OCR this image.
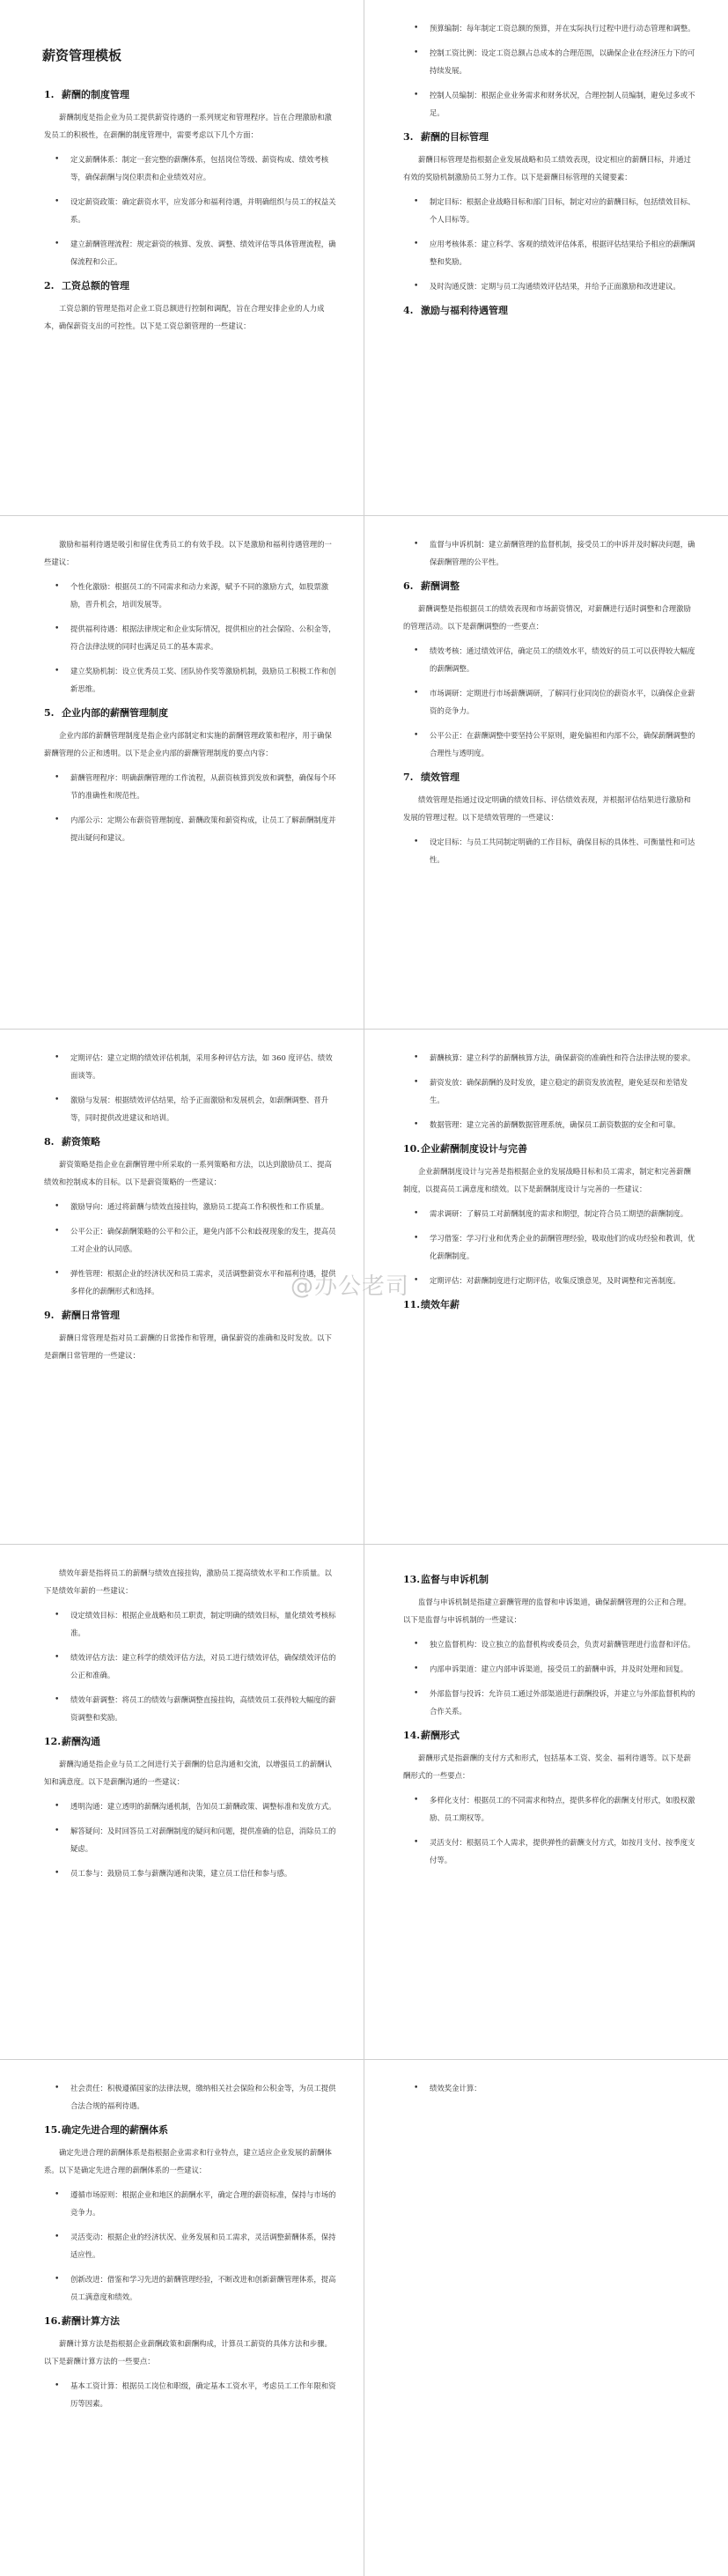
薪资管理模板
1. 薪酬的制度管理

薪酬制度是指企业为员工提供薪资待遇的一系列规定和管理程序。旨在合理激励和激发员工的积极性，在薪酬的制度管理中，需要考虑以下几个方面：

• 定义薪酬体系：制定一套完整的薪酬体系，包括岗位等级、薪资构成、绩效考核等，确保薪酬与岗位职责和企业绩效对应。
• 设定薪资政策：确定薪资水平，应发部分和福利待遇，并明确组织与员工的权益关系。
• 建立薪酬管理流程：规定薪资的核算、发放、调整、绩效评估等具体管理流程，确保流程和公正。
2. 工资总额的管理

工资总额的管理是指对企业工资总额进行控制和调配，旨在合理安排企业的人力成本，确保薪资支出的可控性。以下是工资总额管理的一些建议：

• 预算编制：每年制定工资总额的预算，并在实际执行过程中进行动态管理和调整。
• 控制工资比例：设定工资总额占总成本的合理范围，以确保企业在经济压力下的可持续发展。
• 控制人员编制：根据企业业务需求和财务状况，合理控制人员编制，避免过多或不足。
3. 薪酬的目标管理

薪酬目标管理是指根据企业发展战略和员工绩效表现，设定相应的薪酬目标，并通过有效的奖励机制激励员工努力工作。以下是薪酬目标管理的关键要素：

• 制定目标：根据企业战略目标和部门目标，制定对应的薪酬目标，包括绩效目标、个人目标等。
• 应用考核体系：建立科学、客观的绩效评估体系，根据评估结果给予相应的薪酬调整和奖励。
• 及时沟通反馈：定期与员工沟通绩效评估结果，并给予正面激励和改进建议。
4. 激励与福利待遇管理

激励和福利待遇是吸引和留住优秀员工的有效手段。以下是激励和福利待遇管理的一些建议：

• 个性化激励：根据员工的不同需求和动力来源，赋予不同的激励方式，如股票激励，晋升机会，培训发展等。
• 提供福利待遇：根据法律规定和企业实际情况，提供相应的社会保险、公积金等，符合法律法规的同时也满足员工的基本需求。
• 建立奖励机制：设立优秀员工奖、团队协作奖等激励机制，鼓励员工积极工作和创新思维。
5. 企业内部的薪酬管理制度

企业内部的薪酬管理制度是指企业内部制定和实施的薪酬管理政策和程序，用于确保薪酬管理的公正和透明。以下是企业内部的薪酬管理制度的要点内容：

• 薪酬管理程序：明确薪酬管理的工作流程，从薪资核算到发放和调整，确保每个环节的准确性和规范性。
• 内部公示：定期公布薪资管理制度、薪酬政策和薪资构成，让员工了解薪酬制度并提出疑问和建议。
• 监督与申诉机制：建立薪酬管理的监督机制，接受员工的申诉并及时解决问题，确保薪酬管理的公平性。
6. 薪酬调整

薪酬调整是指根据员工的绩效表现和市场薪资情况，对薪酬进行适时调整和合理激励的管理活动。以下是薪酬调整的一些要点：

• 绩效考核：通过绩效评估，确定员工的绩效水平，绩效好的员工可以获得较大幅度的薪酬调整。
• 市场调研：定期进行市场薪酬调研，了解同行业同岗位的薪资水平，以确保企业薪资的竞争力。
• 公平公正：在薪酬调整中要坚持公平原则，避免偏袒和内部不公，确保薪酬调整的合理性与透明度。
7. 绩效管理

绩效管理是指通过设定明确的绩效目标、评估绩效表现，并根据评估结果进行激励和发展的管理过程。以下是绩效管理的一些建议：

• 设定目标：与员工共同制定明确的工作目标，确保目标的具体性、可衡量性和可达性。
• 定期评估：建立定期的绩效评估机制，采用多种评估方法，如 360 度评估、绩效面谈等。
• 激励与发展：根据绩效评估结果，给予正面激励和发展机会，如薪酬调整、晋升等，同时提供改进建议和培训。
8. 薪资策略

薪资策略是指企业在薪酬管理中所采取的一系列策略和方法，以达到激励员工、提高绩效和控制成本的目标。以下是薪资策略的一些建议：

• 激励导向：通过将薪酬与绩效直接挂钩，激励员工提高工作积极性和工作质量。
• 公平公正：确保薪酬策略的公平和公正，避免内部不公和歧视现象的发生，提高员工对企业的认同感。
• 弹性管理：根据企业的经济状况和员工需求，灵活调整薪资水平和福利待遇，提供多样化的薪酬形式和选择。
9. 薪酬日常管理

薪酬日常管理是指对员工薪酬的日常操作和管理，确保薪资的准确和及时发放。以下是薪酬日常管理的一些建议：

• 薪酬核算：建立科学的薪酬核算方法，确保薪资的准确性和符合法律法规的要求。
• 薪资发放：确保薪酬的及时发放，建立稳定的薪资发放流程，避免延误和差错发生。
• 数据管理：建立完善的薪酬数据管理系统，确保员工薪资数据的安全和可靠。
10.企业薪酬制度设计与完善

企业薪酬制度设计与完善是指根据企业的发展战略目标和员工需求，制定和完善薪酬制度，以提高员工满意度和绩效。以下是薪酬制度设计与完善的一些建议：

• 需求调研：了解员工对薪酬制度的需求和期望，制定符合员工期望的薪酬制度。
• 学习借鉴：学习行业和优秀企业的薪酬管理经验，吸取他们的成功经验和教训，优化薪酬制度。
• 定期评估：对薪酬制度进行定期评估，收集反馈意见，及时调整和完善制度。
11.绩效年薪

绩效年薪是指将员工的薪酬与绩效直接挂钩，激励员工提高绩效水平和工作质量。以下是绩效年薪的一些建议：

• 设定绩效目标：根据企业战略和员工职责，制定明确的绩效目标，量化绩效考核标准。
• 绩效评估方法：建立科学的绩效评估方法，对员工进行绩效评估，确保绩效评估的公正和准确。
• 绩效年薪调整：将员工的绩效与薪酬调整直接挂钩，高绩效员工获得较大幅度的薪资调整和奖励。
12.薪酬沟通

薪酬沟通是指企业与员工之间进行关于薪酬的信息沟通和交流，以增强员工的薪酬认知和满意度。以下是薪酬沟通的一些建议：

• 透明沟通：建立透明的薪酬沟通机制，告知员工薪酬政策、调整标准和发放方式。
• 解答疑问：及时回答员工对薪酬制度的疑问和问题，提供准确的信息，消除员工的疑虑。
• 员工参与：鼓励员工参与薪酬沟通和决策，建立员工信任和参与感。
13.监督与申诉机制

监督与申诉机制是指建立薪酬管理的监督和申诉渠道，确保薪酬管理的公正和合理。以下是监督与申诉机制的一些建议：

• 独立监督机构：设立独立的监督机构或委员会，负责对薪酬管理进行监督和评估。
• 内部申诉渠道：建立内部申诉渠道，接受员工的薪酬申诉，并及时处理和回复。
• 外部监督与投诉：允许员工通过外部渠道进行薪酬投诉，并建立与外部监督机构的合作关系。
14.薪酬形式

薪酬形式是指薪酬的支付方式和形式，包括基本工资、奖金、福利待遇等。以下是薪酬形式的一些要点：

• 多样化支付：根据员工的不同需求和特点，提供多样化的薪酬支付形式，如股权激励、员工期权等。
• 灵活支付：根据员工个人需求，提供弹性的薪酬支付方式，如按月支付、按季度支付等。
• 社会责任：积极遵循国家的法律法规，缴纳相关社会保险和公积金等，为员工提供合法合规的福利待遇。
15.确定先进合理的薪酬体系

确定先进合理的薪酬体系是指根据企业需求和行业特点，建立适应企业发展的薪酬体系。以下是确定先进合理的薪酬体系的一些建议：

• 遵循市场原则：根据企业和地区的薪酬水平，确定合理的薪资标准，保持与市场的竞争力。
• 灵活变动：根据企业的经济状况、业务发展和员工需求，灵活调整薪酬体系，保持适应性。
• 创新改进：借鉴和学习先进的薪酬管理经验，不断改进和创新薪酬管理体系，提高员工满意度和绩效。
16.薪酬计算方法

薪酬计算方法是指根据企业薪酬政策和薪酬构成，计算员工薪资的具体方法和步骤。以下是薪酬计算方法的一些要点：

• 基本工资计算：根据员工岗位和职级，确定基本工资水平，考虑员工工作年限和资历等因素。
• 绩效奖金计算：
@办公老司
